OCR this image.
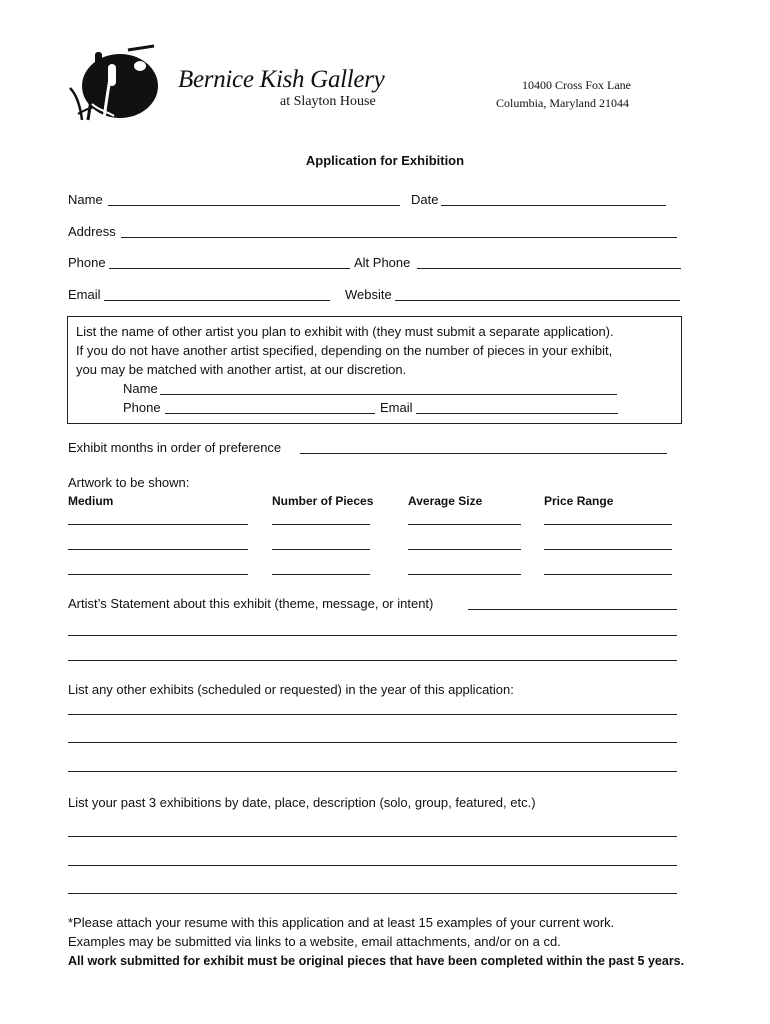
Bernice Kish Gallery
at Slayton House
10400 Cross Fox Lane
Columbia, Maryland 21044
Application for Exhibition
Name	Date
Address
Phone	Alt Phone
Email	Website
List the name of other artist you plan to exhibit with (they must submit a separate application).
If you do not have another artist specified, depending on the number of pieces in your exhibit,
you may be matched with another artist, at our discretion.
Name
Phone	Email
Exhibit months in order of preference
Artwork to be shown:
Medium	Number of Pieces	Average Size	Price Range
Artist’s Statement about this exhibit (theme, message, or intent)
List any other exhibits (scheduled or requested) in the year of this application:
List your past 3 exhibitions by date, place, description (solo, group, featured, etc.)
*Please attach your resume with this application and at least 15 examples of your current work.
Examples may be submitted via links to a website, email attachments, and/or on a cd.
All work submitted for exhibit must be original pieces that have been completed within the past 5 years.
